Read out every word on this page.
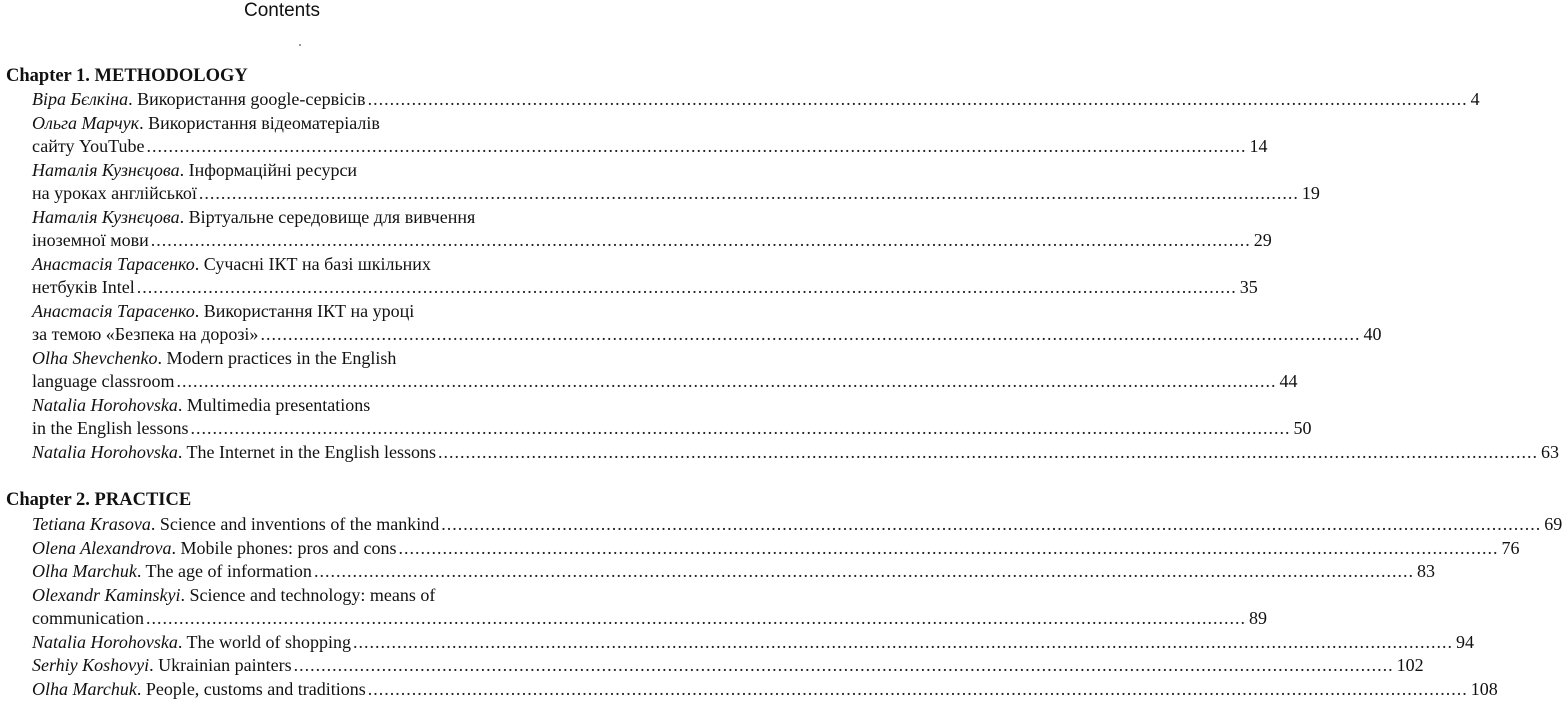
Contents
Chapter 1. METHODOLOGY
Віра Бєлкіна. Використання google-сервісів ........................................................................................................................................................................................................ 4
Ольга Марчук. Використання відеоматеріалів
сайту YouTube ........................................................................................................................................................................................................ 14
Наталія Кузнєцова. Інформаційні ресурси
на уроках англійської ........................................................................................................................................................................................................ 19
Наталія Кузнєцова. Віртуальне середовище для вивчення
іноземної мови ........................................................................................................................................................................................................ 29
Анастасія Тарасенко. Сучасні ІКТ на базі шкільних
нетбуків Intel ........................................................................................................................................................................................................ 35
Анастасія Тарасенко. Використання ІКТ на уроці
за темою «Безпека на дорозі» ........................................................................................................................................................................................................ 40
Olha Shevchenko. Modern practices in the English
language classroom ........................................................................................................................................................................................................ 44
Natalia Horohovska. Multimedia presentations
in the English lessons ........................................................................................................................................................................................................ 50
Natalia Horohovska. The Internet in the English lessons ........................................................................................................................................................................................................ 63
Chapter 2. PRACTICE
Tetiana Krasova. Science and inventions of the mankind ........................................................................................................................................................................................................ 69
Olena Alexandrova. Mobile phones: pros and cons ........................................................................................................................................................................................................ 76
Olha Marchuk. The age of information ........................................................................................................................................................................................................ 83
Olexandr Kaminskyi. Science and technology: means of
communication ........................................................................................................................................................................................................ 89
Natalia Horohovska. The world of shopping ........................................................................................................................................................................................................ 94
Serhiy Koshovyi. Ukrainian painters ........................................................................................................................................................................................................ 102
Olha Marchuk. People, customs and traditions ........................................................................................................................................................................................................ 108
